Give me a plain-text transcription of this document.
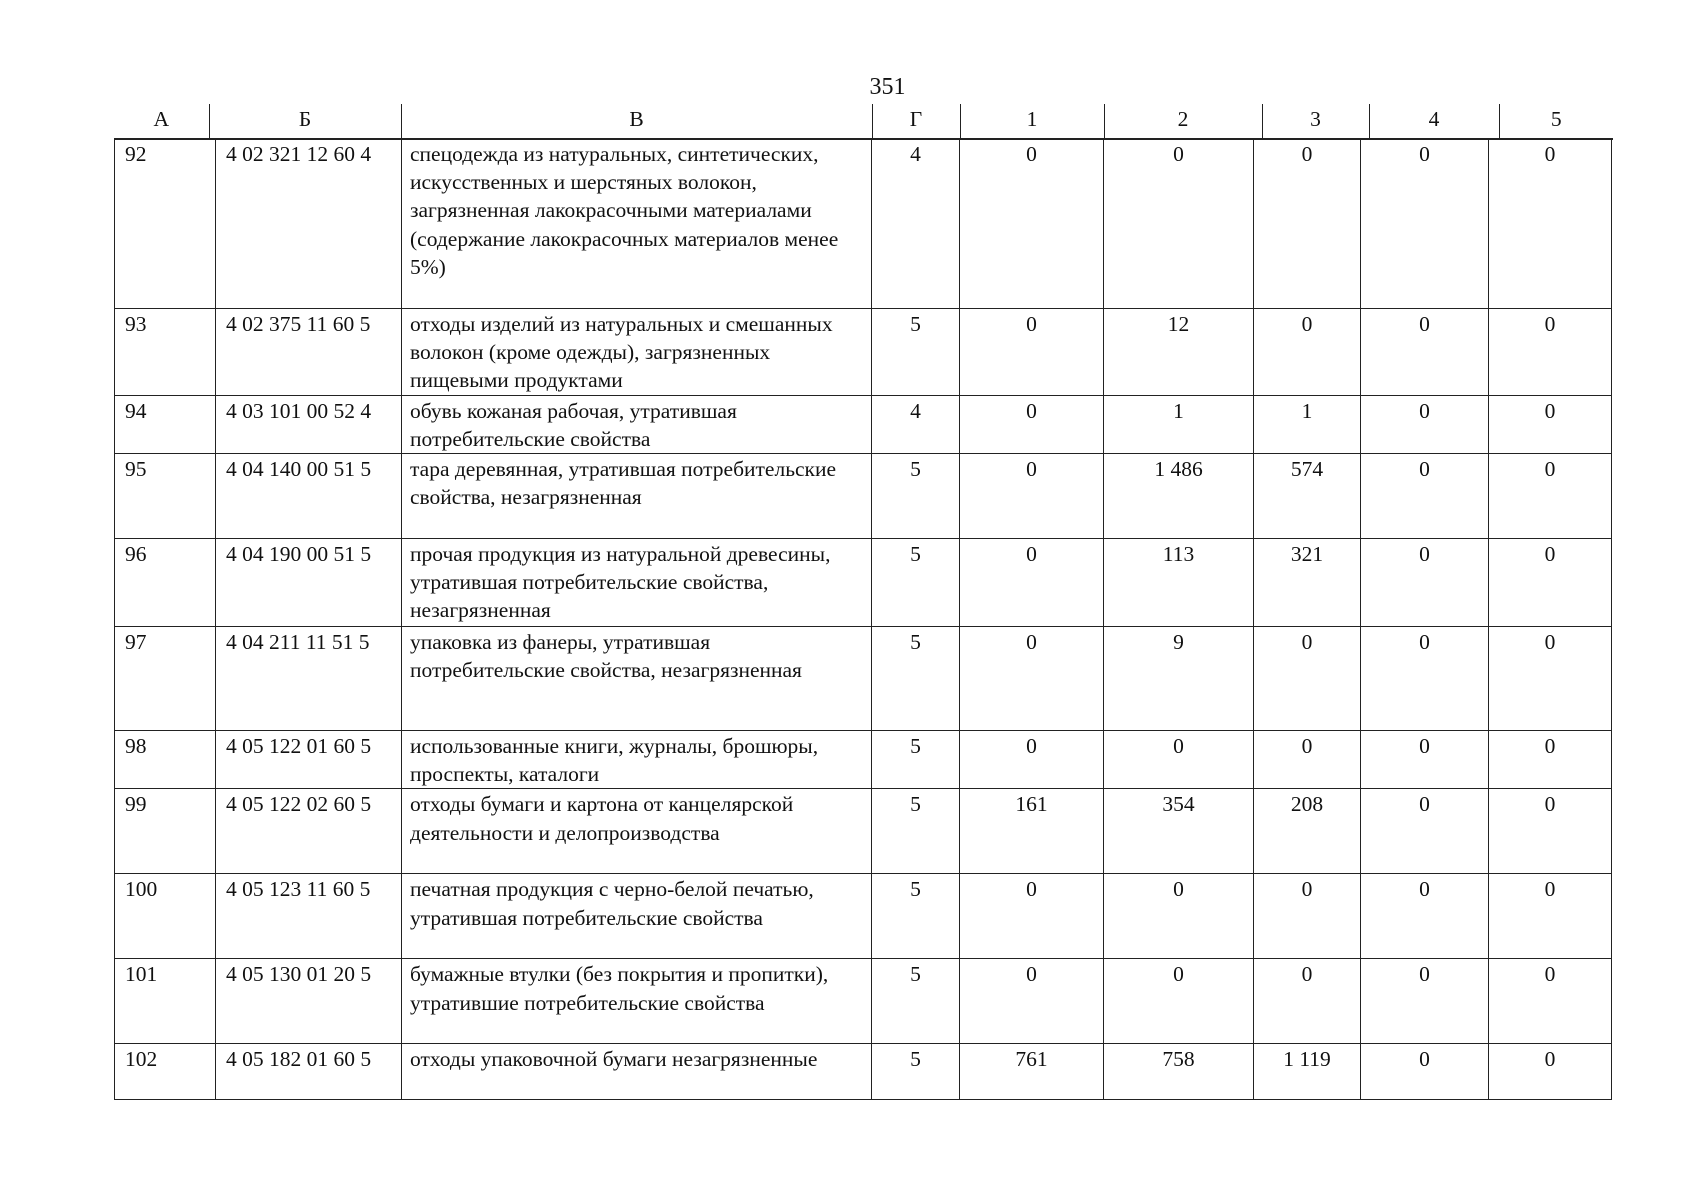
351
А	Б	В	Г	1	2	3	4	5
92	4 02 321 12 60 4	спецодежда из натуральных, синтетических, искусственных и шерстяных волокон, загрязненная лакокрасочными материалами (содержание лакокрасочных материалов менее 5%)	4	0	0	0	0	0
93	4 02 375 11 60 5	отходы изделий из натуральных и смешанных волокон (кроме одежды), загрязненных пищевыми продуктами	5	0	12	0	0	0
94	4 03 101 00 52 4	обувь кожаная рабочая, утратившая потребительские свойства	4	0	1	1	0	0
95	4 04 140 00 51 5	тара деревянная, утратившая потребительские свойства, незагрязненная	5	0	1 486	574	0	0
96	4 04 190 00 51 5	прочая продукция из натуральной древесины, утратившая потребительские свойства, незагрязненная	5	0	113	321	0	0
97	4 04 211 11 51 5	упаковка из фанеры, утратившая потребительские свойства, незагрязненная	5	0	9	0	0	0
98	4 05 122 01 60 5	использованные книги, журналы, брошюры, проспекты, каталоги	5	0	0	0	0	0
99	4 05 122 02 60 5	отходы бумаги и картона от канцелярской деятельности и делопроизводства	5	161	354	208	0	0
100	4 05 123 11 60 5	печатная продукция с черно-белой печатью, утратившая потребительские свойства	5	0	0	0	0	0
101	4 05 130 01 20 5	бумажные втулки (без покрытия и пропитки), утратившие потребительские свойства	5	0	0	0	0	0
102	4 05 182 01 60 5	отходы упаковочной бумаги незагрязненные	5	761	758	1 119	0	0
